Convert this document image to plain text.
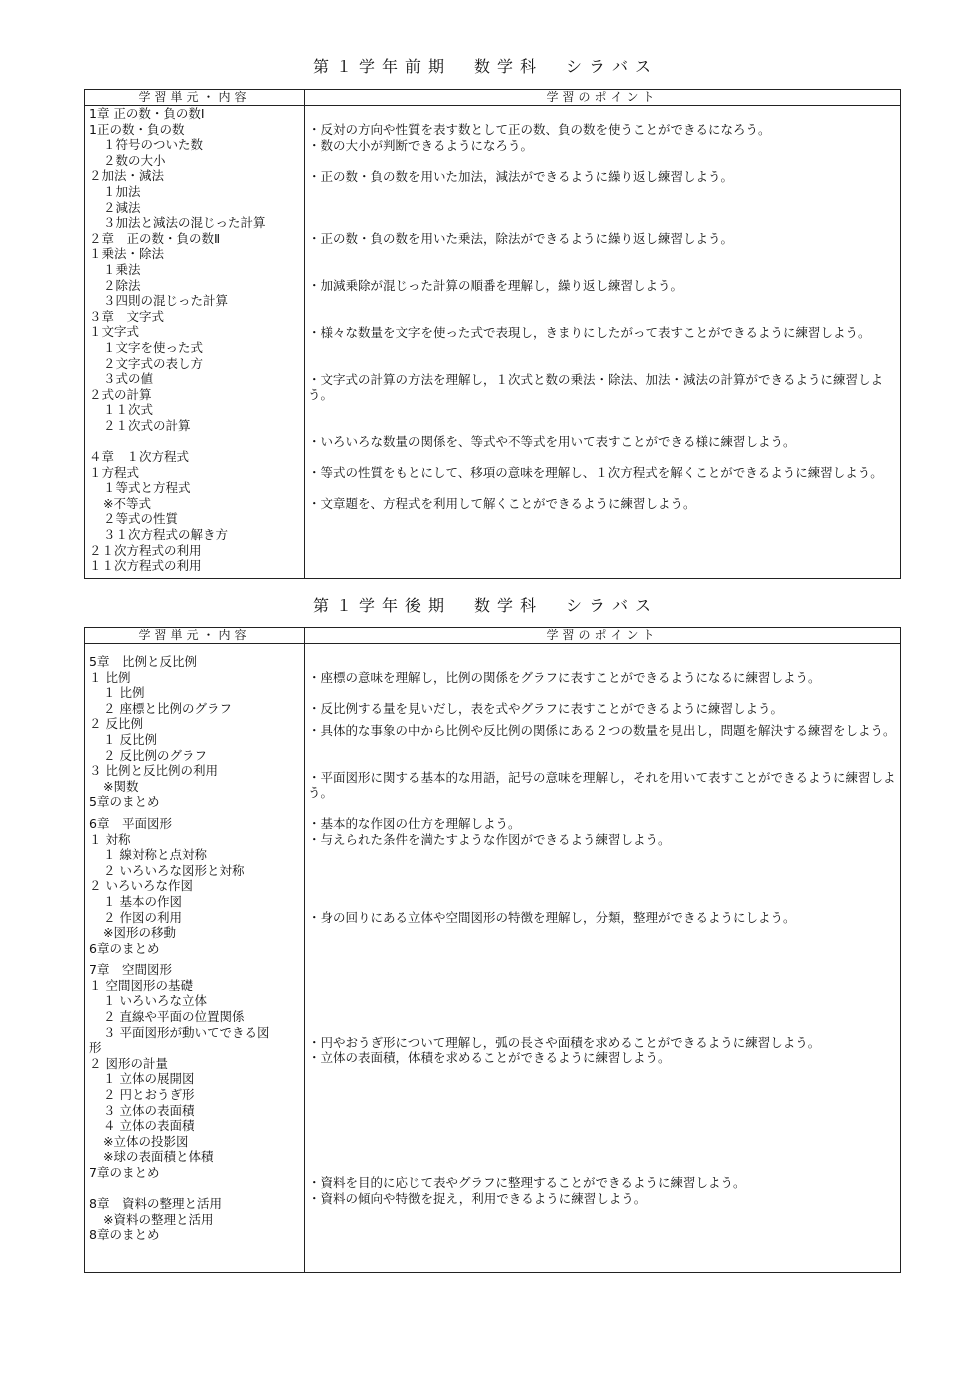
第１学年前期　数学科　シラバス
学習単元・内容	学習のポイント
1章 正の数・負の数Ⅰ
1正の数・負の数
１符号のついた数
２数の大小
２加法・減法
１加法
２減法
３加法と減法の混じった計算
２章　正の数・負の数Ⅱ
１乗法・除法
１乗法
２除法
３四則の混じった計算
３章　文字式
１文字式
１文字を使った式
２文字式の表し方
３式の値
２式の計算
１１次式
２１次式の計算
４章　１次方程式
１方程式
１等式と方程式
※不等式
２等式の性質
３１次方程式の解き方
２１次方程式の利用
１１次方程式の利用
・反対の方向や性質を表す数として正の数、負の数を使うことができるになろう。
・数の大小が判断できるようになろう。
・正の数・負の数を用いた加法，減法ができるように繰り返し練習しよう。
・正の数・負の数を用いた乗法，除法ができるように繰り返し練習しよう。
・加減乗除が混じった計算の順番を理解し，繰り返し練習しよう。

・様々な数量を文字を使った式で表現し，きまりにしたがって表すことができるように練習しよう。

・文字式の計算の方法を理解し，１次式と数の乗法・除法、加法・減法の計算ができるように練習しよう。

・いろいろな数量の関係を、等式や不等式を用いて表すことができる様に練習しよう。

・等式の性質をもとにして、移項の意味を理解し、１次方程式を解くことができるように練習しよう。

・文章題を、方程式を利用して解くことができるように練習しよう。
第１学年後期　数学科　シラバス
学習単元・内容	学習のポイント
5章　比例と反比例
１ 比例
１ 比例
２ 座標と比例のグラフ
２ 反比例
１ 反比例
２ 反比例のグラフ
３ 比例と反比例の利用
※関数
5章のまとめ
6章　平面図形
１ 対称
１ 線対称と点対称
２ いろいろな図形と対称
２ いろいろな作図
１ 基本の作図
２ 作図の利用
※図形の移動
6章のまとめ
7章　空間図形
１ 空間図形の基礎
１ いろいろな立体
２ 直線や平面の位置関係
３ 平面図形が動いてできる図
形
２ 図形の計量
１ 立体の展開図
２ 円とおうぎ形
３ 立体の表面積
４ 立体の表面積
※立体の投影図
※球の表面積と体積
7章のまとめ
8章　資料の整理と活用
※資料の整理と活用
8章のまとめ
・座標の意味を理解し，比例の関係をグラフに表すことができるようになるに練習しよう。
・反比例する量を見いだし，表を式やグラフに表すことができるように練習しよう。

・具体的な事象の中から比例や反比例の関係にある２つの数量を見出し，問題を解決する練習をしよう。

・平面図形に関する基本的な用語，記号の意味を理解し，それを用いて表すことができるように練習しよう。

・基本的な作図の仕方を理解しよう。
・与えられた条件を満たすような作図ができるよう練習しよう。
・身の回りにある立体や空間図形の特徴を理解し，分類，整理ができるようにしよう。
・円やおうぎ形について理解し，弧の長さや面積を求めることができるように練習しよう。
・立体の表面積，体積を求めることができるように練習しよう。
・資料を目的に応じて表やグラフに整理することができるように練習しよう。
・資料の傾向や特徴を捉え，利用できるように練習しよう。
